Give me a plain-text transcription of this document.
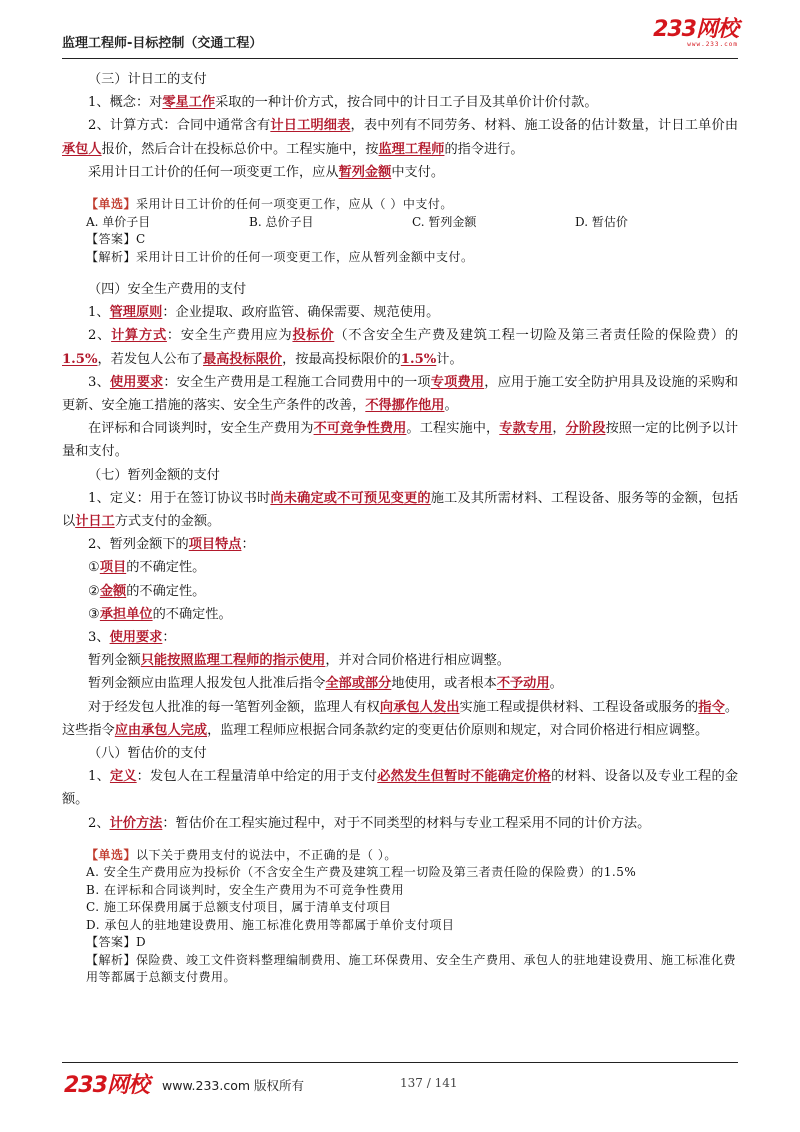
监理工程师-目标控制（交通工程）
233网校
www.233.com

（三）计日工的支付

1、概念：对零星工作采取的一种计价方式，按合同中的计日工子目及其单价计价付款。

2、计算方式：合同中通常含有计日工明细表，表中列有不同劳务、材料、施工设备的估计数量，计日工单价由承包人报价，然后合计在投标总价中。工程实施中，按监理工程师的指令进行。

采用计日工计价的任何一项变更工作，应从暂列金额中支付。

【单选】采用计日工计价的任何一项变更工作，应从（ ）中支付。

A. 单价子目	B. 总价子目	C. 暂列金额	D. 暂估价

【答案】C

【解析】采用计日工计价的任何一项变更工作，应从暂列金额中支付。

（四）安全生产费用的支付

1、管理原则：企业提取、政府监管、确保需要、规范使用。

2、计算方式：安全生产费用应为投标价（不含安全生产费及建筑工程一切险及第三者责任险的保险费）的1.5%，若发包人公布了最高投标限价，按最高投标限价的1.5%计。

3、使用要求：安全生产费用是工程施工合同费用中的一项专项费用，应用于施工安全防护用具及设施的采购和更新、安全施工措施的落实、安全生产条件的改善，不得挪作他用。

在评标和合同谈判时，安全生产费用为不可竞争性费用。工程实施中，专款专用，分阶段按照一定的比例予以计量和支付。

（七）暂列金额的支付

1、定义：用于在签订协议书时尚未确定或不可预见变更的施工及其所需材料、工程设备、服务等的金额，包括以计日工方式支付的金额。

2、暂列金额下的项目特点：

①项目的不确定性。

②金额的不确定性。

③承担单位的不确定性。

3、使用要求：

暂列金额只能按照监理工程师的指示使用，并对合同价格进行相应调整。

暂列金额应由监理人报发包人批准后指令全部或部分地使用，或者根本不予动用。

对于经发包人批准的每一笔暂列金额，监理人有权向承包人发出实施工程或提供材料、工程设备或服务的指令。这些指令应由承包人完成，监理工程师应根据合同条款约定的变更估价原则和规定，对合同价格进行相应调整。

（八）暂估价的支付

1、定义：发包人在工程量清单中给定的用于支付必然发生但暂时不能确定价格的材料、设备以及专业工程的金额。

2、计价方法：暂估价在工程实施过程中，对于不同类型的材料与专业工程采用不同的计价方法。

【单选】以下关于费用支付的说法中，不正确的是（ ）。

A. 安全生产费用应为投标价（不含安全生产费及建筑工程一切险及第三者责任险的保险费）的1.5%

B. 在评标和合同谈判时，安全生产费用为不可竞争性费用

C. 施工环保费用属于总额支付项目，属于清单支付项目

D. 承包人的驻地建设费用、施工标准化费用等都属于单价支付项目

【答案】D

【解析】保险费、竣工文件资料整理编制费用、施工环保费用、安全生产费用、承包人的驻地建设费用、施工标准化费用等都属于总额支付费用。

233网校 www.233.com 版权所有	137 / 141
